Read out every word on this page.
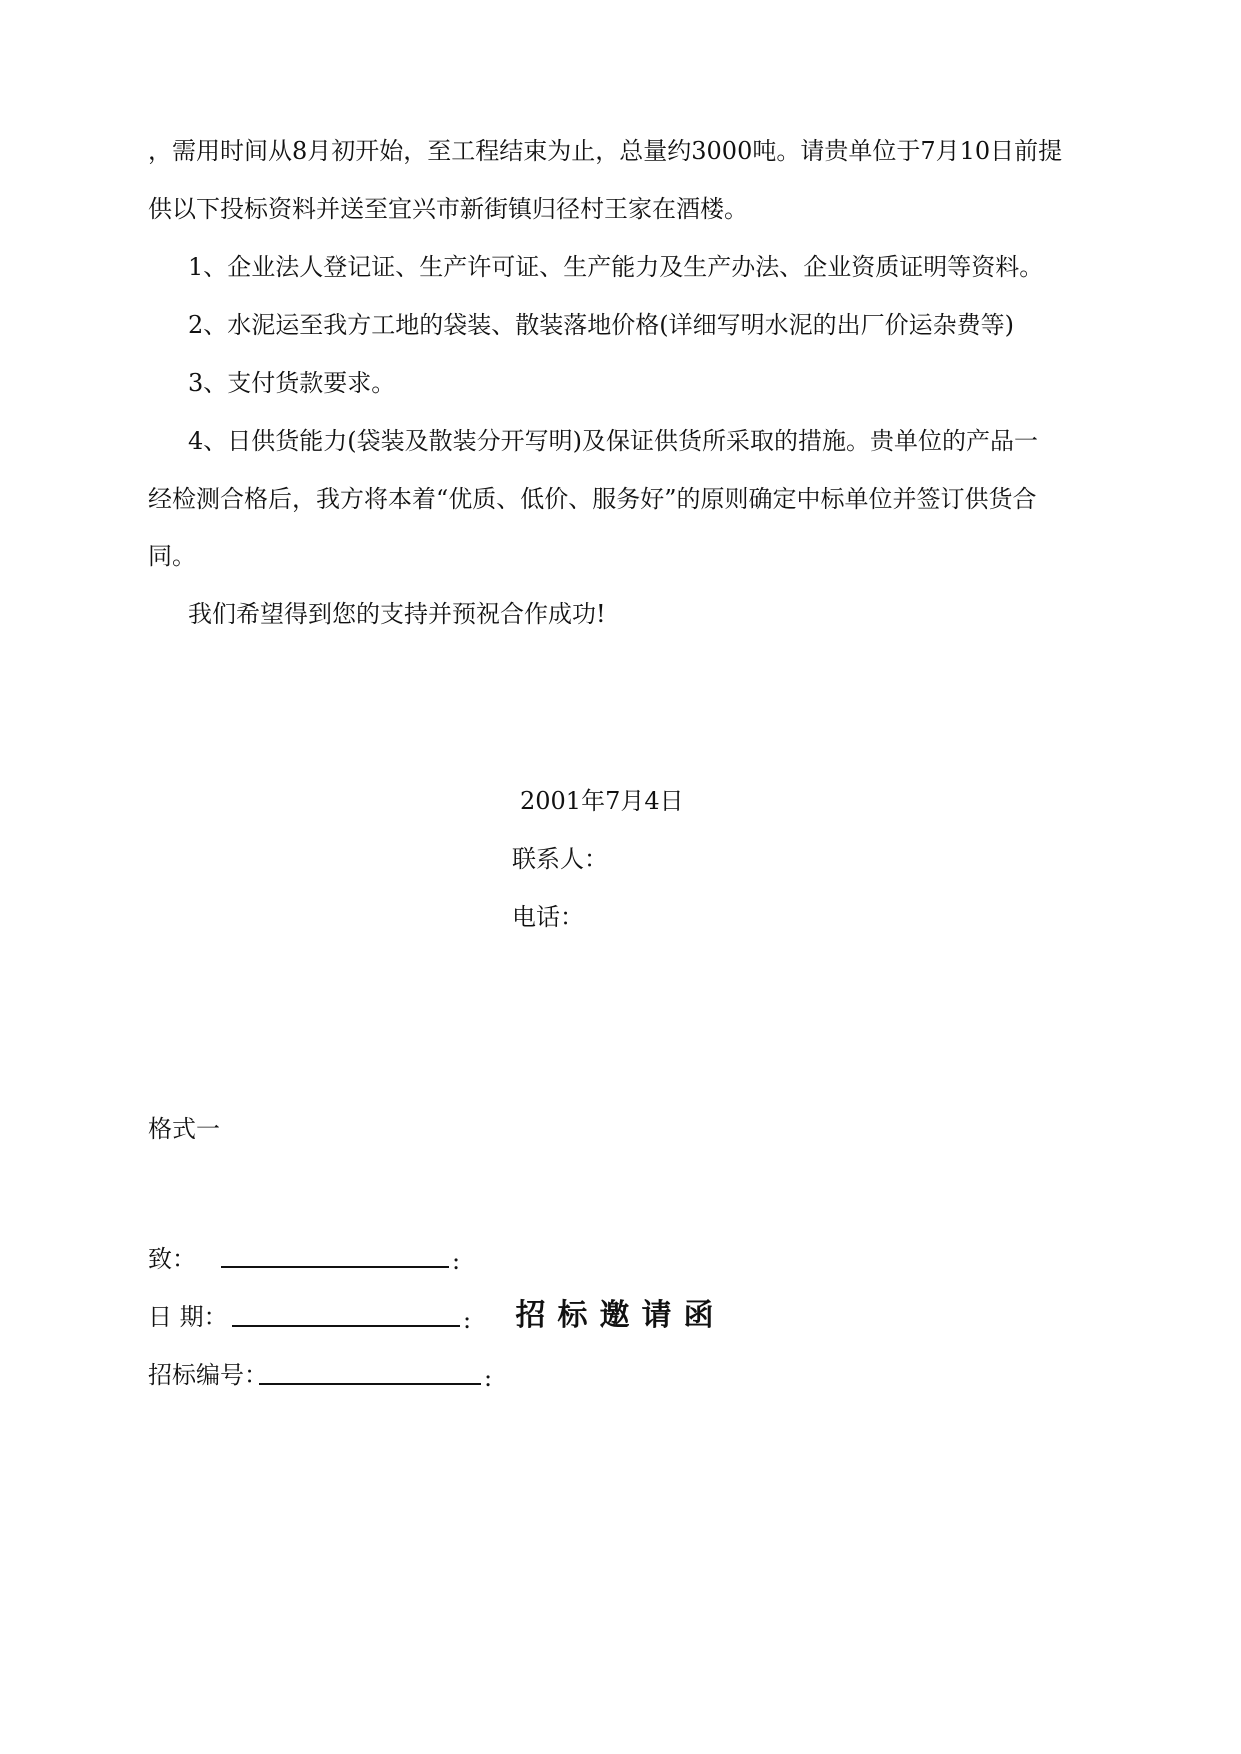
，需用时间从8月初开始，至工程结束为止，总量约3000吨。请贵单位于7月10日前提
供以下投标资料并送至宜兴市新街镇归径村王家在酒楼。
1、企业法人登记证、生产许可证、生产能力及生产办法、企业资质证明等资料。
2、水泥运至我方工地的袋装、散装落地价格(详细写明水泥的出厂价运杂费等)
3、支付货款要求。
4、日供货能力(袋装及散装分开写明)及保证供货所采取的措施。贵单位的产品一
经检测合格后，我方将本着“优质、低价、服务好”的原则确定中标单位并签订供货合
同。
我们希望得到您的支持并预祝合作成功!
2001年7月4日
联系人：
电话：
格式一
招标邀请函
致：	:
日 期：	:
招标编号：	:
